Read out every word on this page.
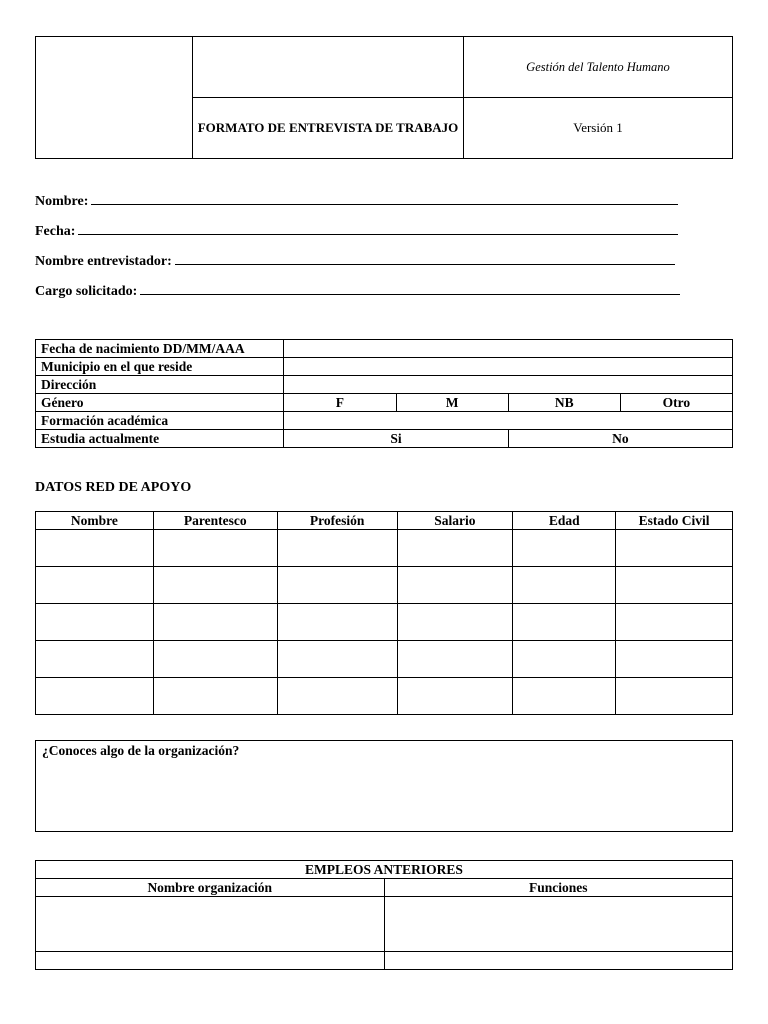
		Gestión del Talento Humano
	FORMATO DE ENTREVISTA DE TRABAJO	Versión 1
Nombre:
Fecha:
Nombre entrevistador:
Cargo solicitado:
Fecha de nacimiento DD/MM/AAA				
Municipio en el que reside				
Dirección				
Género	F	M	NB	Otro
Formación académica				
Estudia actualmente	Si		No	
DATOS RED DE APOYO
Nombre	Parentesco	Profesión	Salario	Edad	Estado Civil

¿Conoces algo de la organización?
EMPLEOS ANTERIORES	
Nombre organización	Funciones
